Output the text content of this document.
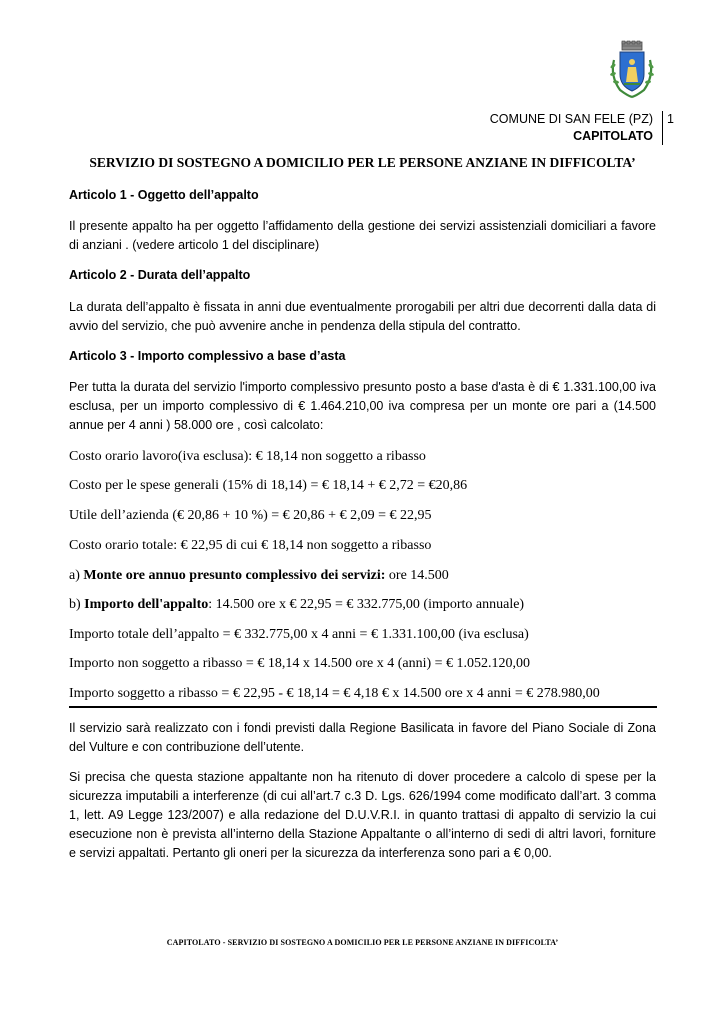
COMUNE DI SAN FELE (PZ)
CAPITOLATO
1
SERVIZIO DI SOSTEGNO A DOMICILIO PER LE PERSONE ANZIANE IN DIFFICOLTA’
Articolo 1 - Oggetto dell’appalto
Il presente appalto ha per oggetto l’affidamento della gestione dei servizi assistenziali domiciliari a favore di anziani . (vedere articolo 1 del disciplinare)
Articolo 2 - Durata dell’appalto
La durata dell’appalto è fissata in anni due eventualmente prorogabili per altri due decorrenti dalla data di avvio del servizio, che può avvenire anche in pendenza della stipula del contratto.
Articolo 3 - Importo complessivo a base d’asta
Per tutta la durata del servizio l'importo complessivo presunto posto a base d'asta è di € 1.331.100,00 iva esclusa, per un importo complessivo di € 1.464.210,00 iva compresa per un monte ore pari a (14.500 annue per 4 anni ) 58.000 ore , così calcolato:
Costo orario lavoro(iva esclusa): € 18,14 non soggetto a ribasso
Costo per le spese generali (15% di 18,14) = € 18,14 + € 2,72 = €20,86
Utile dell’azienda (€ 20,86 + 10 %) = € 20,86 + € 2,09 = € 22,95
Costo orario totale: € 22,95 di cui € 18,14 non soggetto a ribasso
a) Monte ore annuo presunto complessivo dei servizi: ore 14.500
b) Importo dell'appalto: 14.500 ore x € 22,95 = € 332.775,00 (importo annuale)
Importo totale dell’appalto = € 332.775,00 x 4 anni = € 1.331.100,00 (iva esclusa)
Importo non soggetto a ribasso = € 18,14 x 14.500 ore x 4 (anni) = € 1.052.120,00
Importo soggetto a ribasso = € 22,95 - € 18,14 = € 4,18 € x 14.500 ore x 4 anni = € 278.980,00
Il servizio sarà realizzato con i fondi previsti dalla Regione Basilicata in favore del Piano Sociale di Zona del Vulture e con contribuzione dell’utente.
Si precisa che questa stazione appaltante non ha ritenuto di dover procedere a calcolo di spese per la sicurezza imputabili a interferenze (di cui all’art.7 c.3 D. Lgs. 626/1994 come modificato dall’art. 3 comma 1, lett. A9 Legge 123/2007) e alla redazione del D.U.V.R.I. in quanto trattasi di appalto di servizio la cui esecuzione non è prevista all’interno della Stazione Appaltante o all’interno di sedi di altri lavori, forniture e servizi appaltati. Pertanto gli oneri per la sicurezza da interferenza sono pari a € 0,00.
CAPITOLATO - SERVIZIO DI SOSTEGNO A DOMICILIO PER LE PERSONE ANZIANE IN DIFFICOLTA’
